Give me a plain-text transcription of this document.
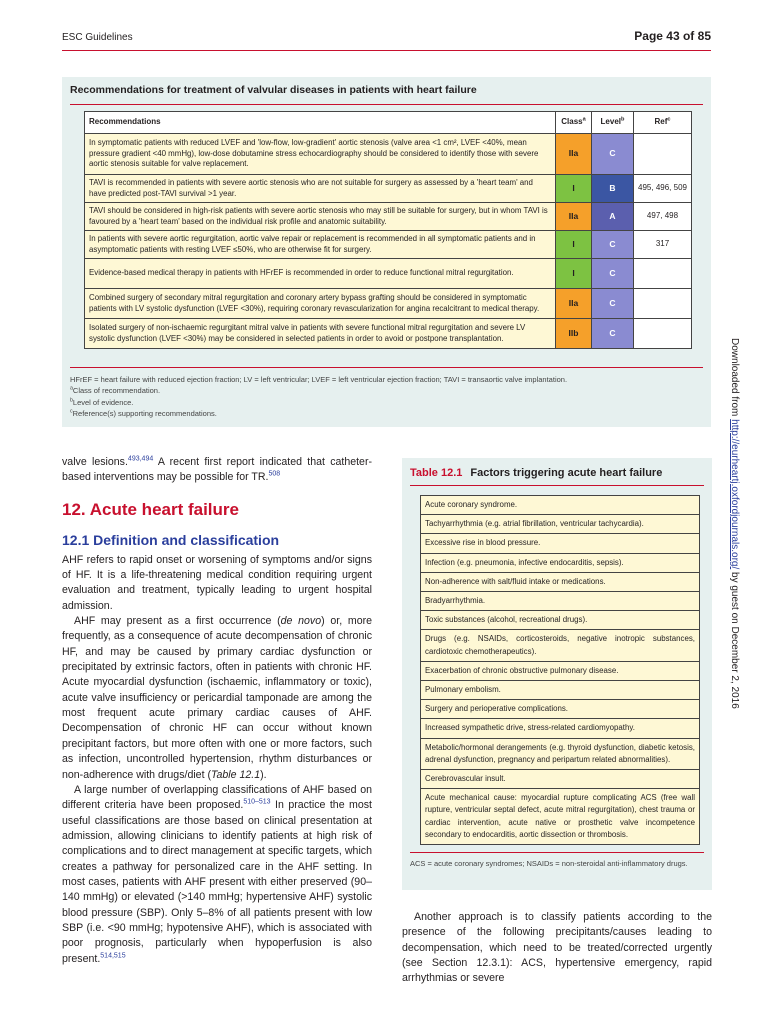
ESC Guidelines	Page 43 of 85
Recommendations for treatment of valvular diseases in patients with heart failure
Recommendations	Class$^a$	Level$^b$	Ref$^c$
In symptomatic patients with reduced LVEF and 'low-flow, low-gradient' aortic stenosis (valve area <1 cm², LVEF <40%, mean pressure gradient <40 mmHg), low-dose dobutamine stress echocardiography should be considered to identify those with severe aortic stenosis suitable for valve replacement.	IIa	C	
TAVI is recommended in patients with severe aortic stenosis who are not suitable for surgery as assessed by a 'heart team' and have predicted post-TAVI survival >1 year.	I	B	495, 496, 509
TAVI should be considered in high-risk patients with severe aortic stenosis who may still be suitable for surgery, but in whom TAVI is favoured by a 'heart team' based on the individual risk profile and anatomic suitability.	IIa	A	497, 498
In patients with severe aortic regurgitation, aortic valve repair or replacement is recommended in all symptomatic patients and in asymptomatic patients with resting LVEF ≤50%, who are otherwise fit for surgery.	I	C	317
Evidence-based medical therapy in patients with HFrEF is recommended in order to reduce functional mitral regurgitation.	I	C	
Combined surgery of secondary mitral regurgitation and coronary artery bypass grafting should be considered in symptomatic patients with LV systolic dysfunction (LVEF <30%), requiring coronary revascularization for angina recalcitrant to medical therapy.	IIa	C	
Isolated surgery of non-ischaemic regurgitant mitral valve in patients with severe functional mitral regurgitation and severe LV systolic dysfunction (LVEF <30%) may be considered in selected patients in order to avoid or postpone transplantation.	IIb	C	
HFrEF = heart failure with reduced ejection fraction; LV = left ventricular; LVEF = left ventricular ejection fraction; TAVI = transaortic valve implantation.
$^a$Class of recommendation.
$^b$Level of evidence.
$^c$Reference(s) supporting recommendations.	Downloaded from http://eurheartj.oxfordjournals.org/ by guest on December 2, 2016

valve lesions.$^{493,494}$ A recent first report indicated that catheter-based interventions may be possible for TR.$^{508}$

12. Acute heart failure
12.1 Definition and classification

AHF refers to rapid onset or worsening of symptoms and/or signs of HF. It is a life-threatening medical condition requiring urgent evaluation and treatment, typically leading to urgent hospital admission.

AHF may present as a first occurrence (de novo) or, more frequently, as a consequence of acute decompensation of chronic HF, and may be caused by primary cardiac dysfunction or precipitated by extrinsic factors, often in patients with chronic HF. Acute myocardial dysfunction (ischaemic, inflammatory or toxic), acute valve insufficiency or pericardial tamponade are among the most frequent acute primary cardiac causes of AHF. Decompensation of chronic HF can occur without known precipitant factors, but more often with one or more factors, such as infection, uncontrolled hypertension, rhythm disturbances or non-adherence with drugs/diet (Table 12.1).

A large number of overlapping classifications of AHF based on different criteria have been proposed.$^{510-513}$ In practice the most useful classifications are those based on clinical presentation at admission, allowing clinicians to identify patients at high risk of complications and to direct management at specific targets, which creates a pathway for personalized care in the AHF setting. In most cases, patients with AHF present with either preserved (90–140 mmHg) or elevated (>140 mmHg; hypertensive AHF) systolic blood pressure (SBP). Only 5–8% of all patients present with low SBP (i.e. <90 mmHg; hypotensive AHF), which is associated with poor prognosis, particularly when hypoperfusion is also present.$^{514,515}$

Table 12.1 Factors triggering acute heart failure
Acute coronary syndrome.
Tachyarrhythmia (e.g. atrial fibrillation, ventricular tachycardia).
Excessive rise in blood pressure.
Infection (e.g. pneumonia, infective endocarditis, sepsis).
Non-adherence with salt/fluid intake or medications.
Bradyarrhythmia.
Toxic substances (alcohol, recreational drugs).
Drugs (e.g. NSAIDs, corticosteroids, negative inotropic substances, cardiotoxic chemotherapeutics).
Exacerbation of chronic obstructive pulmonary disease.
Pulmonary embolism.
Surgery and perioperative complications.
Increased sympathetic drive, stress-related cardiomyopathy.
Metabolic/hormonal derangements (e.g. thyroid dysfunction, diabetic ketosis, adrenal dysfunction, pregnancy and peripartum related abnormalities).
Cerebrovascular insult.
Acute mechanical cause: myocardial rupture complicating ACS (free wall rupture, ventricular septal defect, acute mitral regurgitation), chest trauma or cardiac intervention, acute native or prosthetic valve incompetence secondary to endocarditis, aortic dissection or thrombosis.
ACS = acute coronary syndromes; NSAIDs = non-steroidal anti-inflammatory drugs.

Another approach is to classify patients according to the presence of the following precipitants/causes leading to decompensation, which need to be treated/corrected urgently (see Section 12.3.1): ACS, hypertensive emergency, rapid arrhythmias or severe
